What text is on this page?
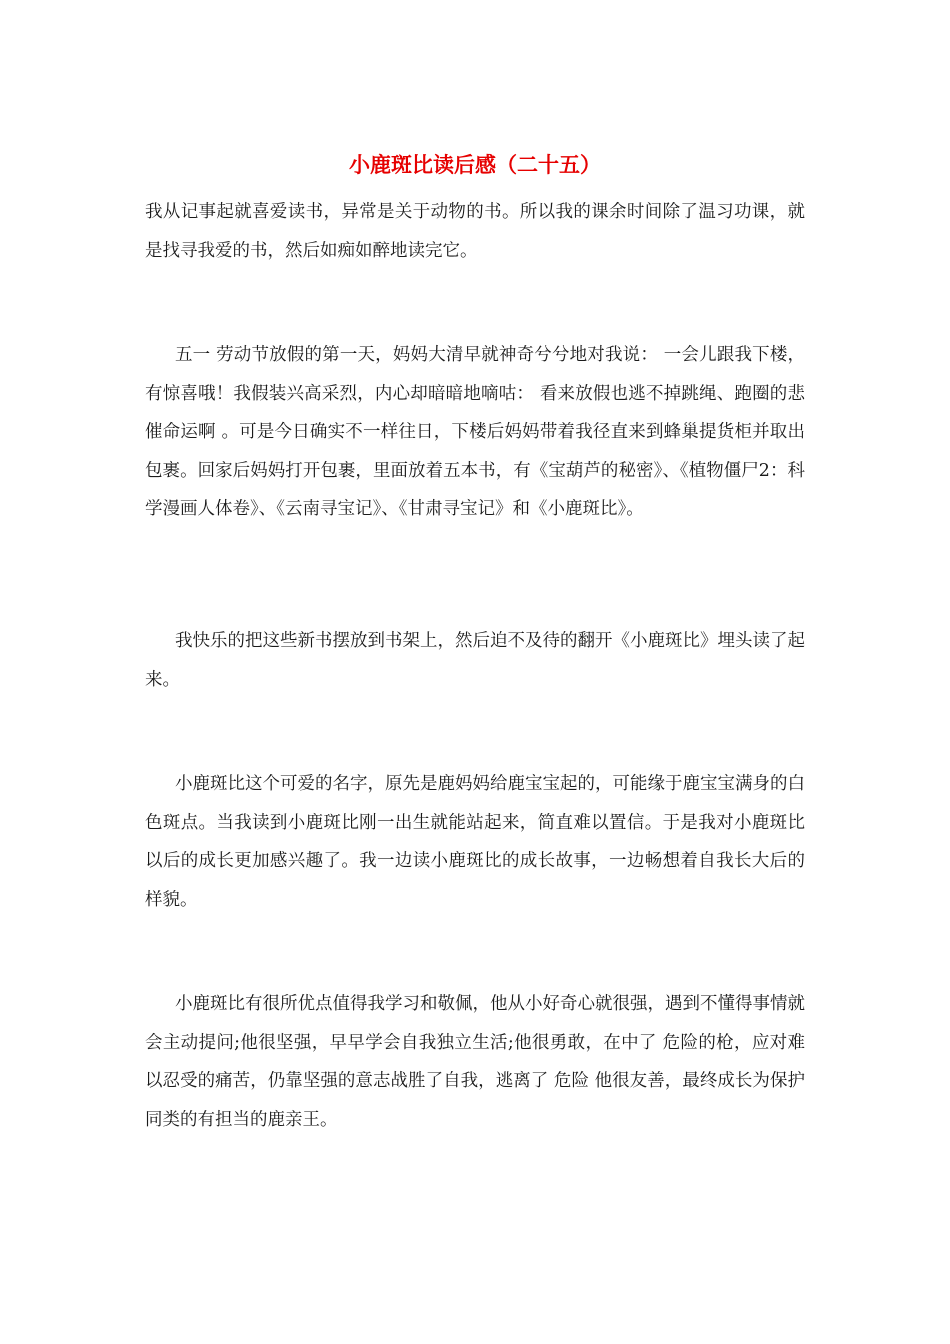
小鹿斑比读后感（二十五）

我从记事起就喜爱读书，异常是关于动物的书。所以我的课余时间除了温习功课，就是找寻我爱的书，然后如痴如醉地读完它。

五一 劳动节放假的第一天，妈妈大清早就神奇兮兮地对我说： 一会儿跟我下楼，有惊喜哦！我假装兴高采烈，内心却暗暗地嘀咕： 看来放假也逃不掉跳绳、跑圈的悲催命运啊 。可是今日确实不一样往日，下楼后妈妈带着我径直来到蜂巢提货柜并取出包裹。回家后妈妈打开包裹，里面放着五本书，有《宝葫芦的秘密》、《植物僵尸2：科学漫画人体卷》、《云南寻宝记》、《甘肃寻宝记》和《小鹿斑比》。

我快乐的把这些新书摆放到书架上，然后迫不及待的翻开《小鹿斑比》埋头读了起来。

小鹿斑比这个可爱的名字，原先是鹿妈妈给鹿宝宝起的，可能缘于鹿宝宝满身的白色斑点。当我读到小鹿斑比刚一出生就能站起来，简直难以置信。于是我对小鹿斑比以后的成长更加感兴趣了。我一边读小鹿斑比的成长故事，一边畅想着自我长大后的样貌。

小鹿斑比有很所优点值得我学习和敬佩，他从小好奇心就很强，遇到不懂得事情就会主动提问;他很坚强，早早学会自我独立生活;他很勇敢，在中了 危险的枪，应对难以忍受的痛苦，仍靠坚强的意志战胜了自我，逃离了 危险 他很友善，最终成长为保护同类的有担当的鹿亲王。
